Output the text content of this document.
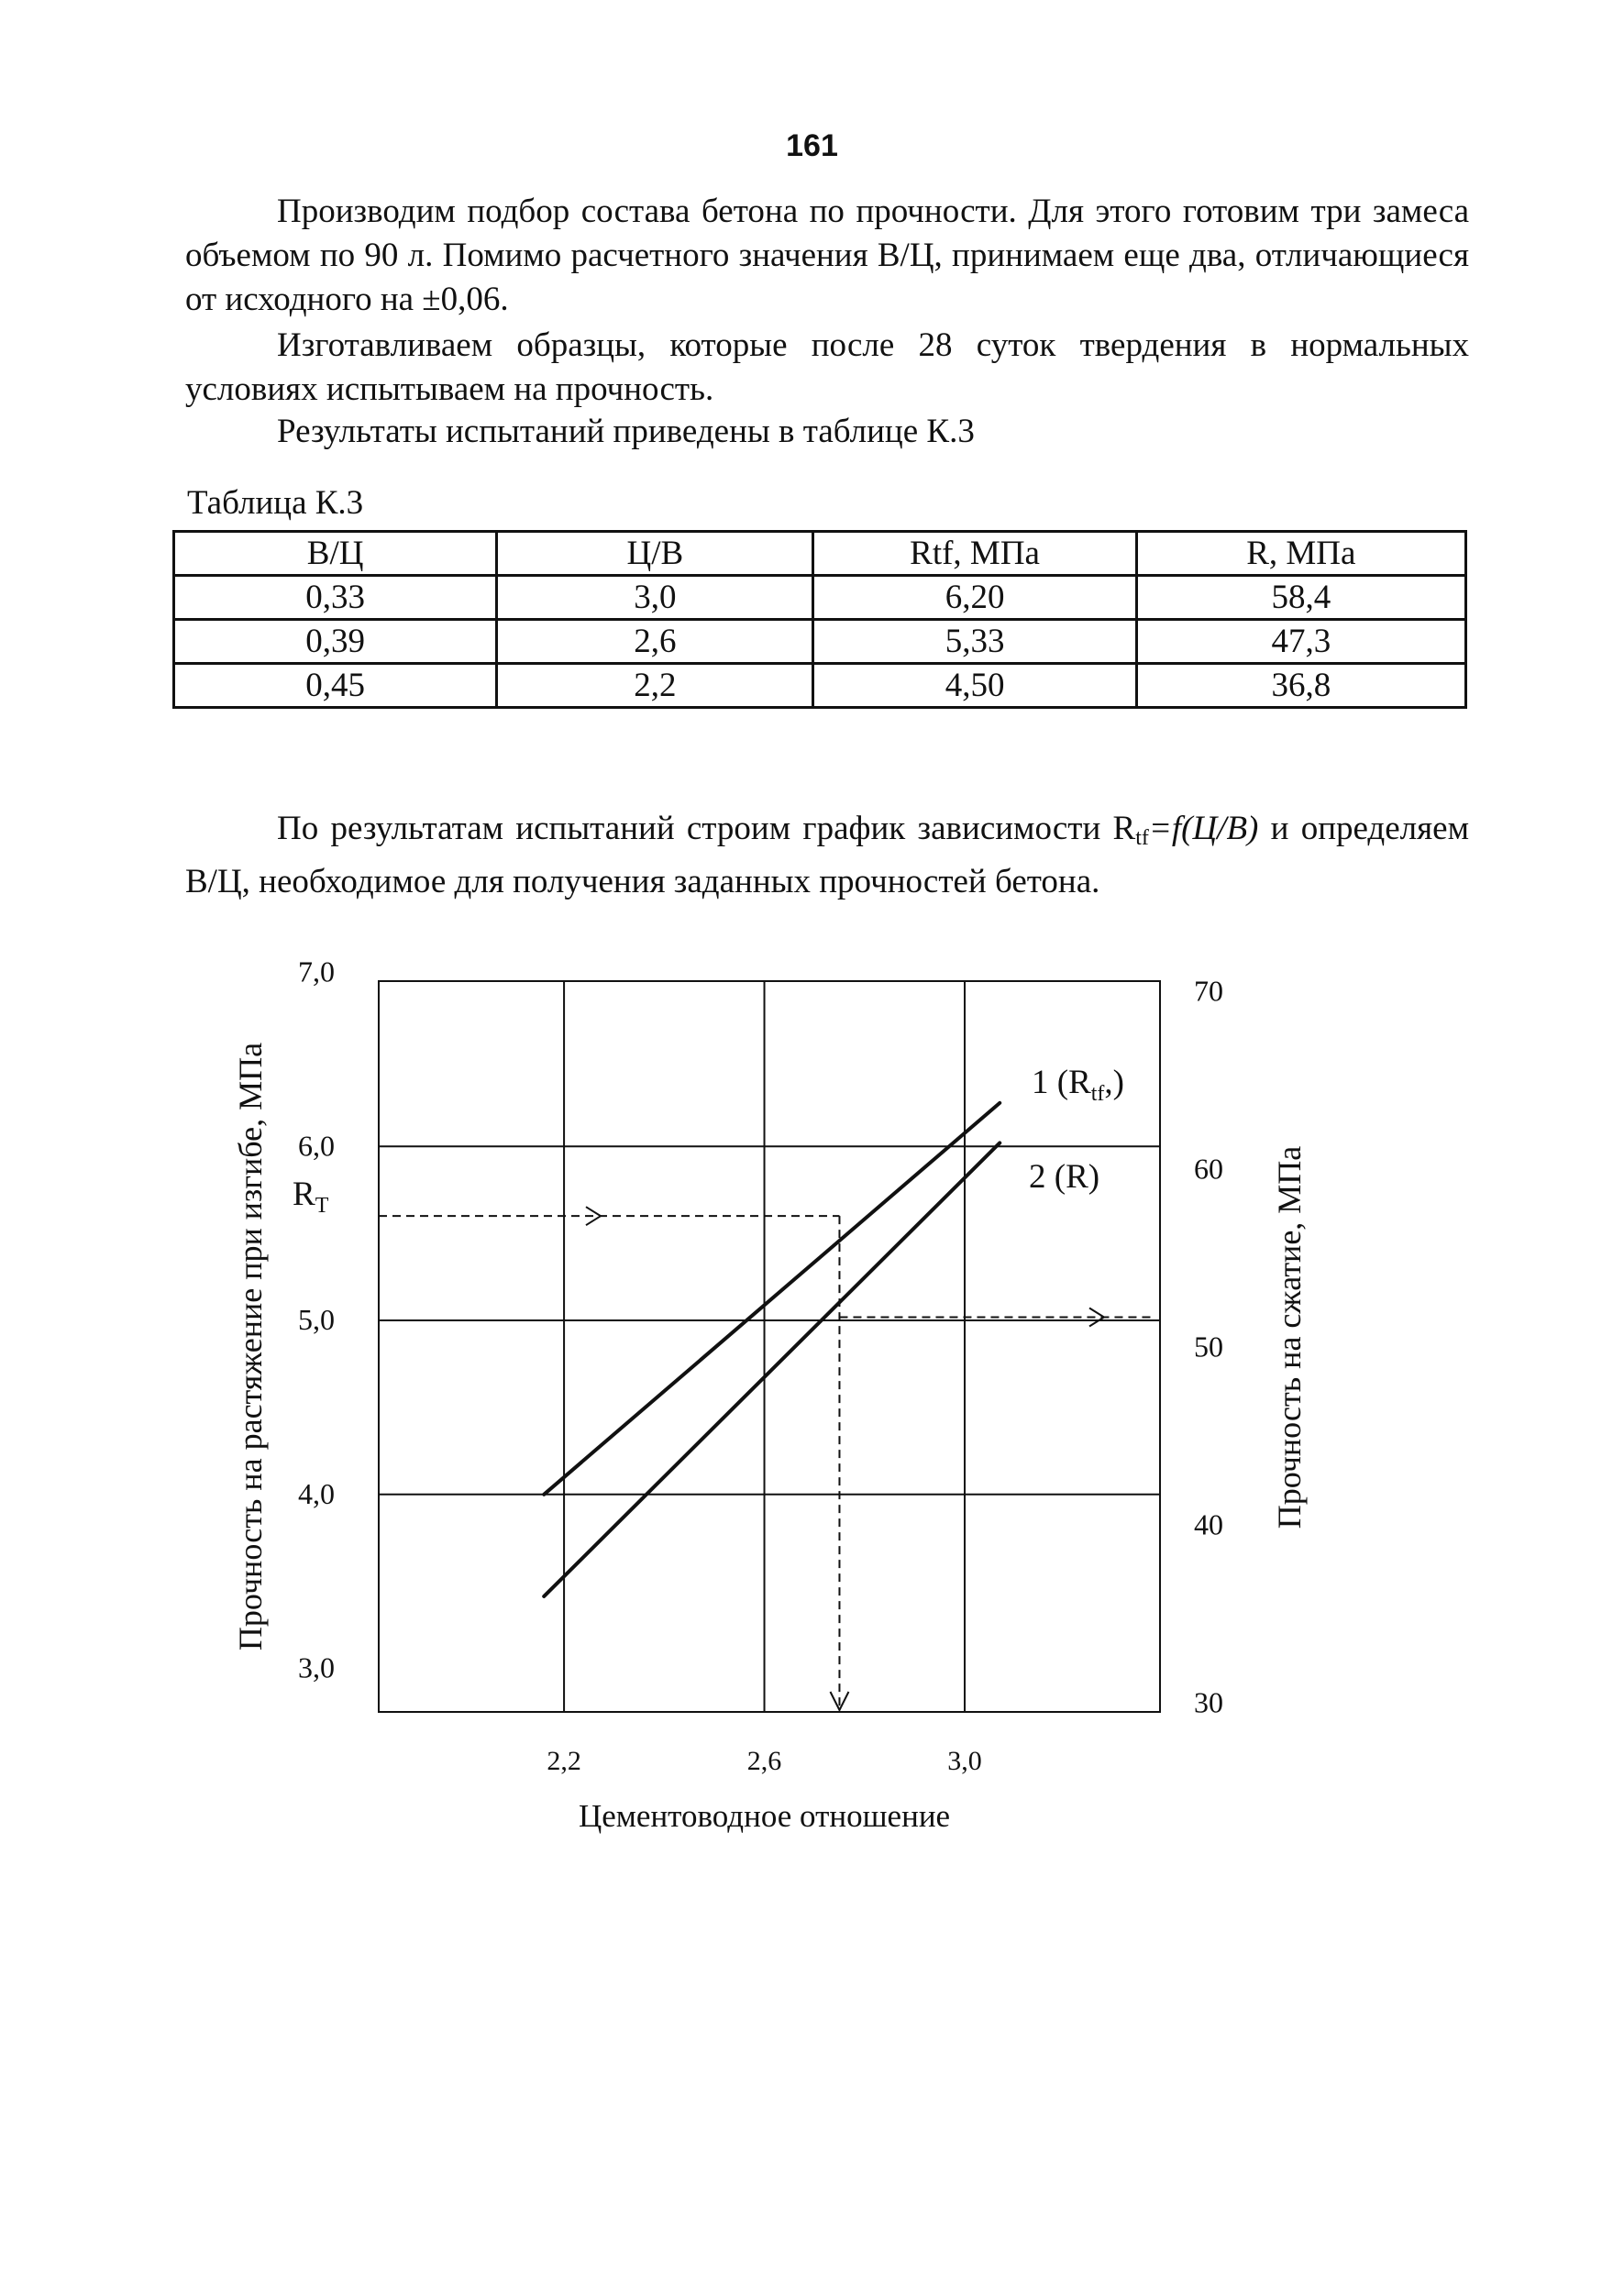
161

Производим подбор состава бетона по прочности. Для этого готовим три замеса объемом по 90 л. Помимо расчетного значения В/Ц, принимаем еще два, отличающиеся от исходного на ±0,06.

Изготавливаем образцы, которые после 28 суток твердения в нормальных условиях испытываем на прочность.

Результаты испытаний приведены в таблице К.3

Таблица К.3
В/Ц	Ц/В	Rtf, МПа	R, МПа
0,33	3,0	6,20	58,4
0,39	2,6	5,33	47,3
0,45	2,2	4,50	36,8

По результатам испытаний строим график зависимости $R_{tf}=f(Ц/В)$ и определяем В/Ц, необходимое для получения заданных прочностей бетона.

2,2	2,6	3,0
3,0
4,0
5,0
6,0
7,0
30
40
50
60
70
$R_Т$
1 $(R_{tf},)$
2 (R)
Цементоводное отношение
Прочность на растяжение при изгибе, МПа	Прочность на сжатие, МПа
